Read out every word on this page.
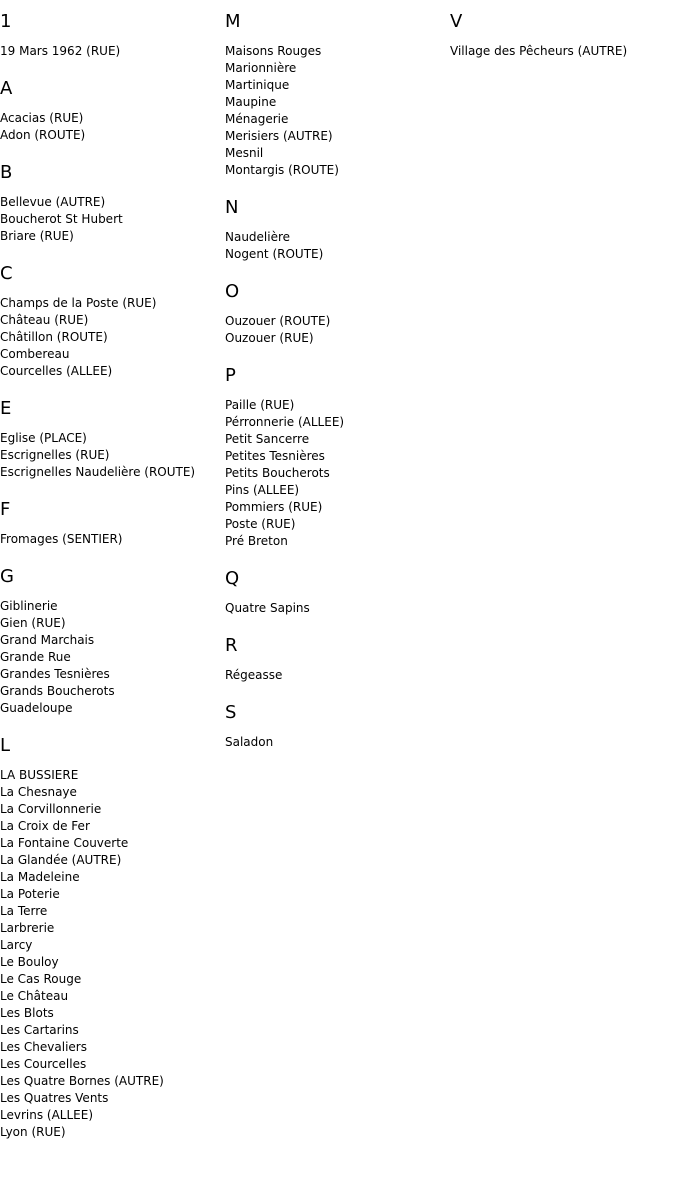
1
19 Mars 1962 (RUE)
A
Acacias (RUE)
Adon (ROUTE)
B
Bellevue (AUTRE)
Boucherot St Hubert
Briare (RUE)
C
Champs de la Poste (RUE)
Château (RUE)
Châtillon (ROUTE)
Combereau
Courcelles (ALLEE)
E
Eglise (PLACE)
Escrignelles (RUE)
Escrignelles Naudelière (ROUTE)
F
Fromages (SENTIER)
G
Giblinerie
Gien (RUE)
Grand Marchais
Grande Rue
Grandes Tesnières
Grands Boucherots
Guadeloupe
L
LA BUSSIERE
La Chesnaye
La Corvillonnerie
La Croix de Fer
La Fontaine Couverte
La Glandée (AUTRE)
La Madeleine
La Poterie
La Terre
Larbrerie
Larcy
Le Bouloy
Le Cas Rouge
Le Château
Les Blots
Les Cartarins
Les Chevaliers
Les Courcelles
Les Quatre Bornes (AUTRE)
Les Quatres Vents
Levrins (ALLEE)
Lyon (RUE)
M
Maisons Rouges
Marionnière
Martinique
Maupine
Ménagerie
Merisiers (AUTRE)
Mesnil
Montargis (ROUTE)
N
Naudelière
Nogent (ROUTE)
O
Ouzouer (ROUTE)
Ouzouer (RUE)
P
Paille (RUE)
Pérronnerie (ALLEE)
Petit Sancerre
Petites Tesnières
Petits Boucherots
Pins (ALLEE)
Pommiers (RUE)
Poste (RUE)
Pré Breton
Q
Quatre Sapins
R
Régeasse
S
Saladon
V
Village des Pêcheurs (AUTRE)
